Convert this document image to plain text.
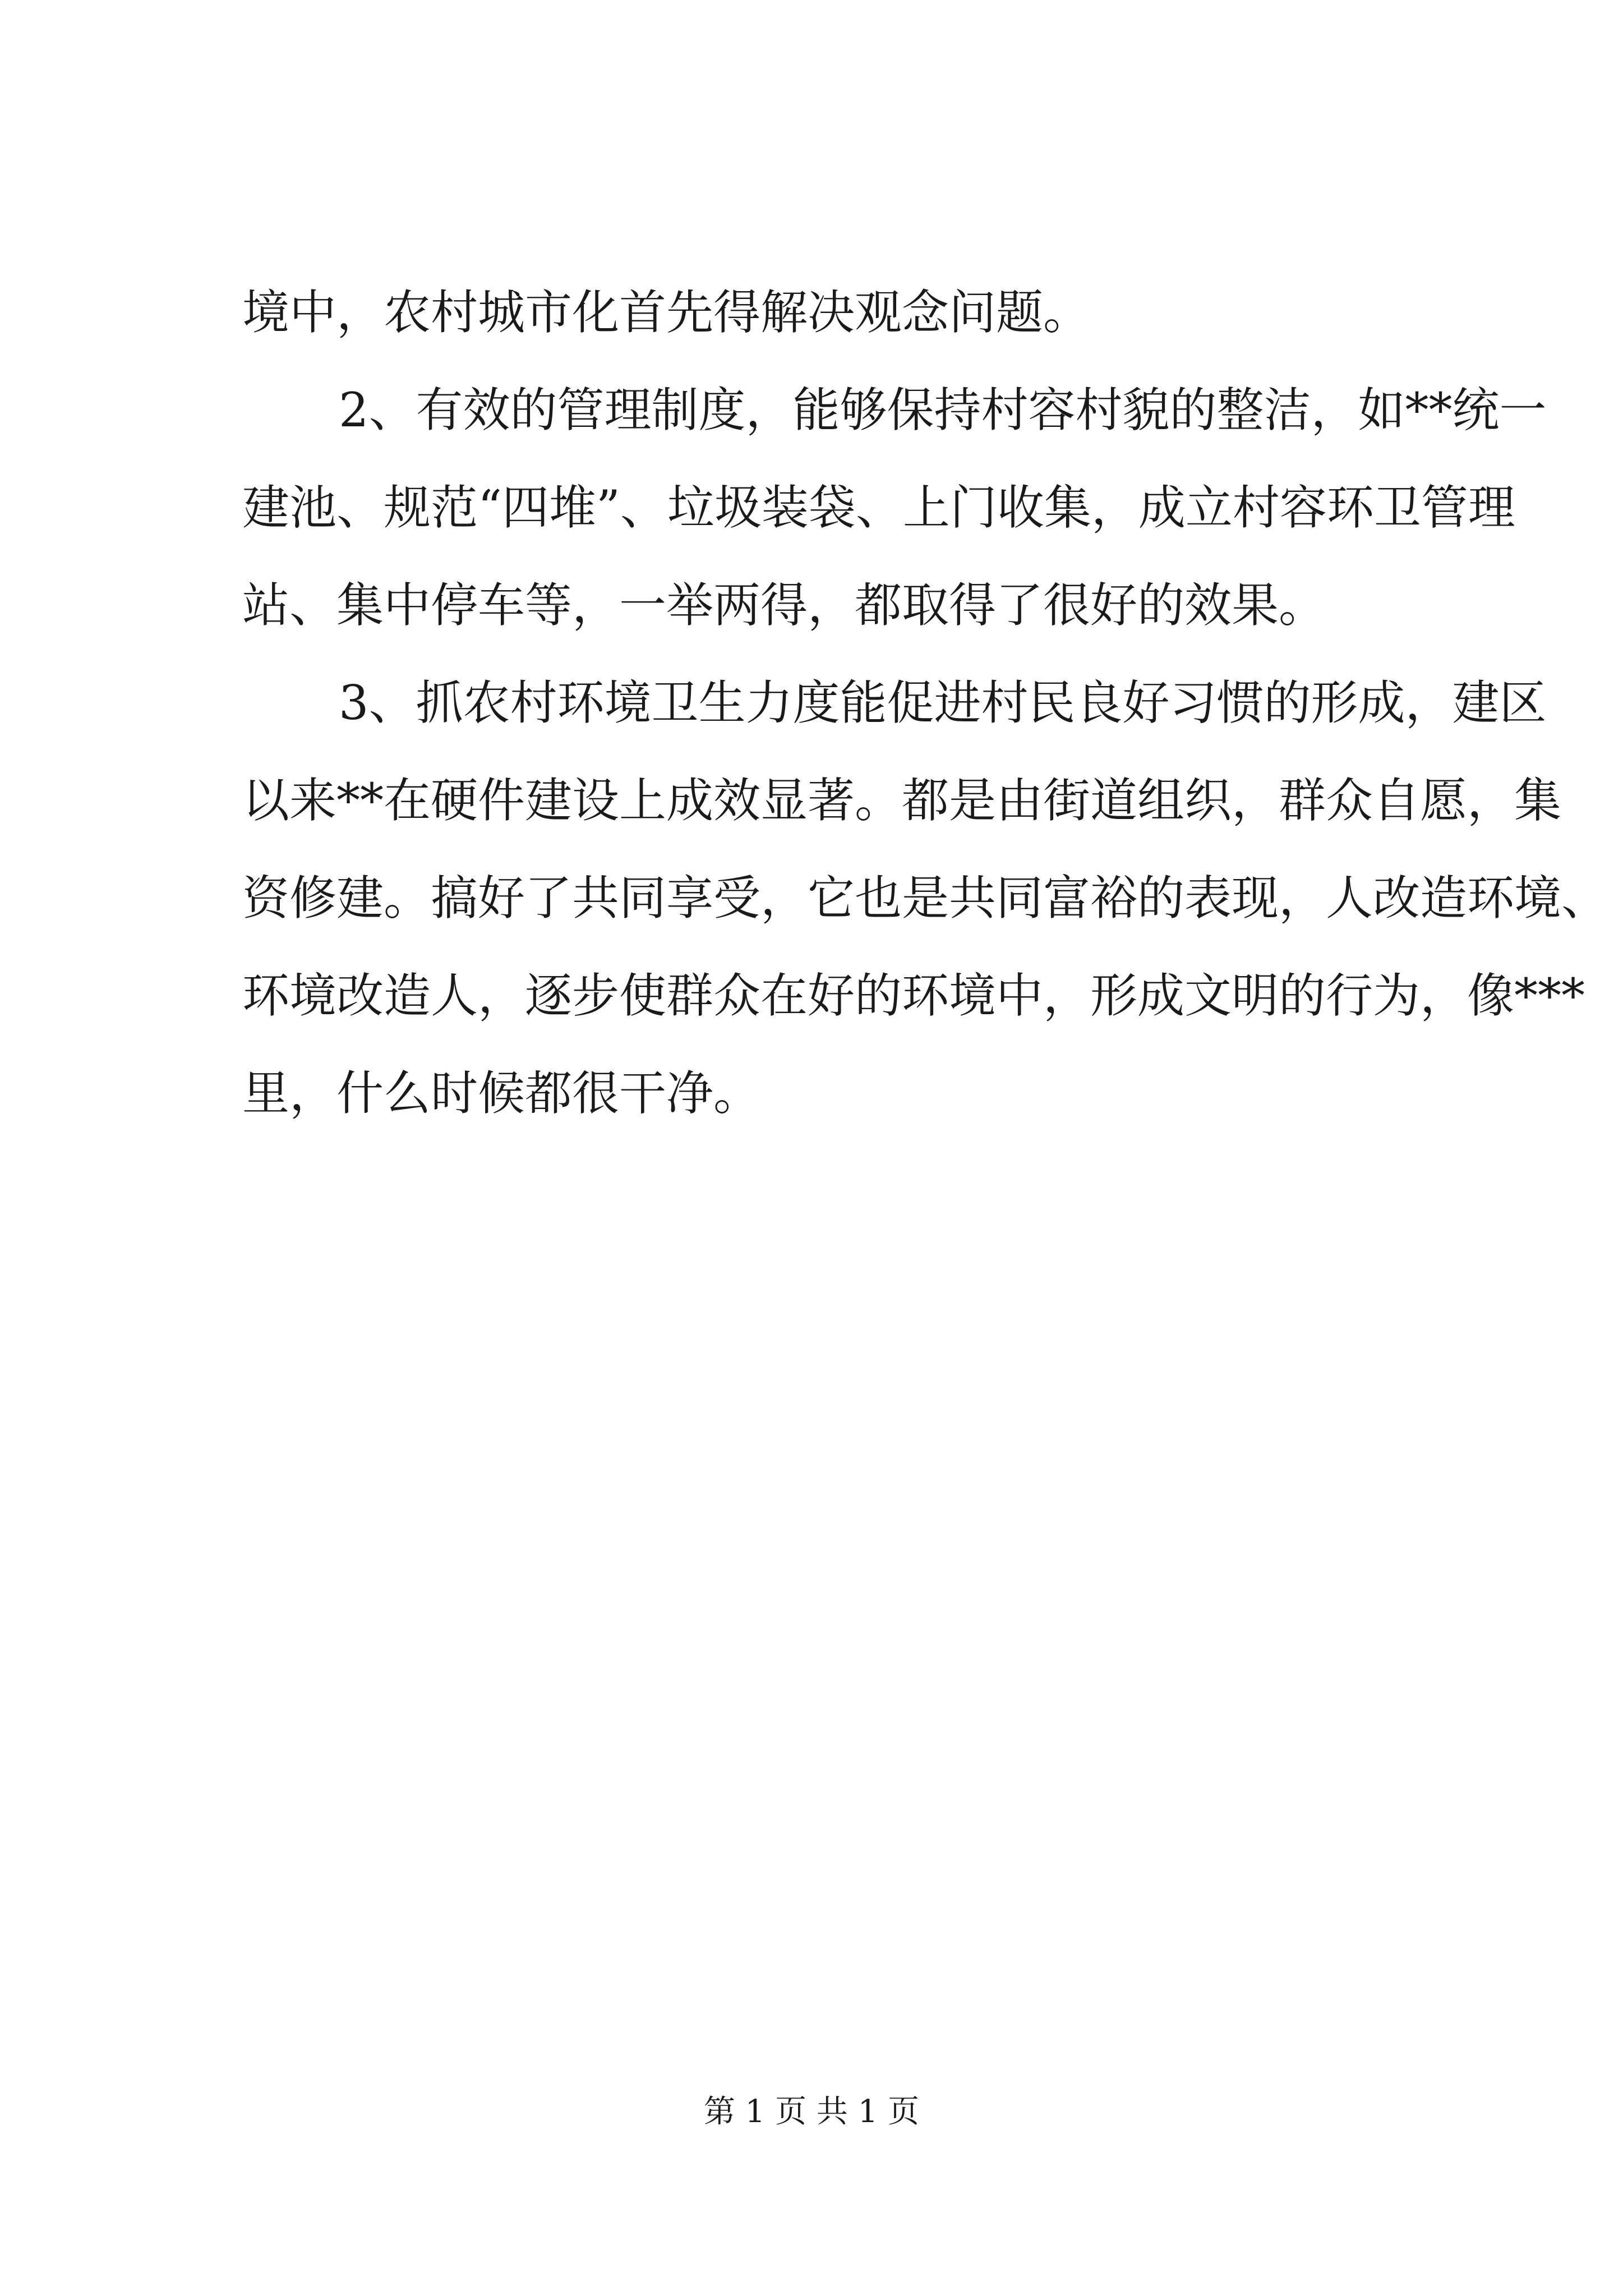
境中，农村城市化首先得解决观念问题。
2、有效的管理制度，能够保持村容村貌的整洁，如**统一
建池、规范“四堆”、垃圾装袋、上门收集，成立村容环卫管理
站、集中停车等，一举两得，都取得了很好的效果。
3、抓农村环境卫生力度能促进村民良好习惯的形成，建区
以来**在硬件建设上成效显著。都是由街道组织，群众自愿，集
资修建。搞好了共同享受，它也是共同富裕的表现，人改造环境、
环境改造人，逐步使群众在好的环境中，形成文明的行为，像***
里，什么时候都很干净。
第 1 页 共 1 页
